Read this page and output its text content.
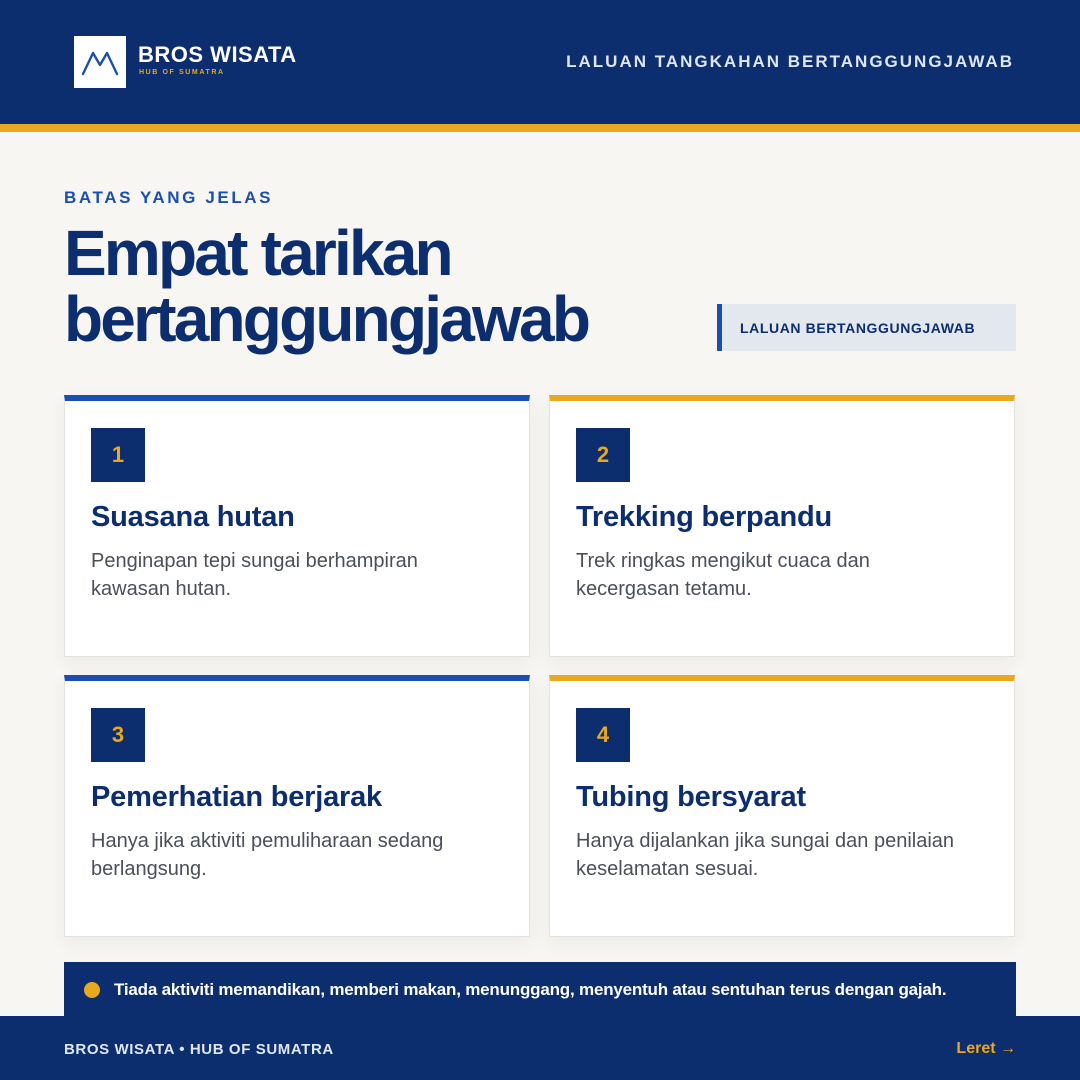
BROS WISATA
HUB OF SUMATRA
LALUAN TANGKAHAN BERTANGGUNGJAWAB
BATAS YANG JELAS
Empat tarikan
bertanggungjawab	LALUAN BERTANGGUNGJAWAB
1
Suasana hutan
Penginapan tepi sungai berhampiran kawasan hutan.
2
Trekking berpandu
Trek ringkas mengikut cuaca dan kecergasan tetamu.
3
Pemerhatian berjarak
Hanya jika aktiviti pemuliharaan sedang berlangsung.
4
Tubing bersyarat
Hanya dijalankan jika sungai dan penilaian keselamatan sesuai.
Tiada aktiviti memandikan, memberi makan, menunggang, menyentuh atau sentuhan terus dengan gajah.
BROS WISATA • HUB OF SUMATRA	Leret →
